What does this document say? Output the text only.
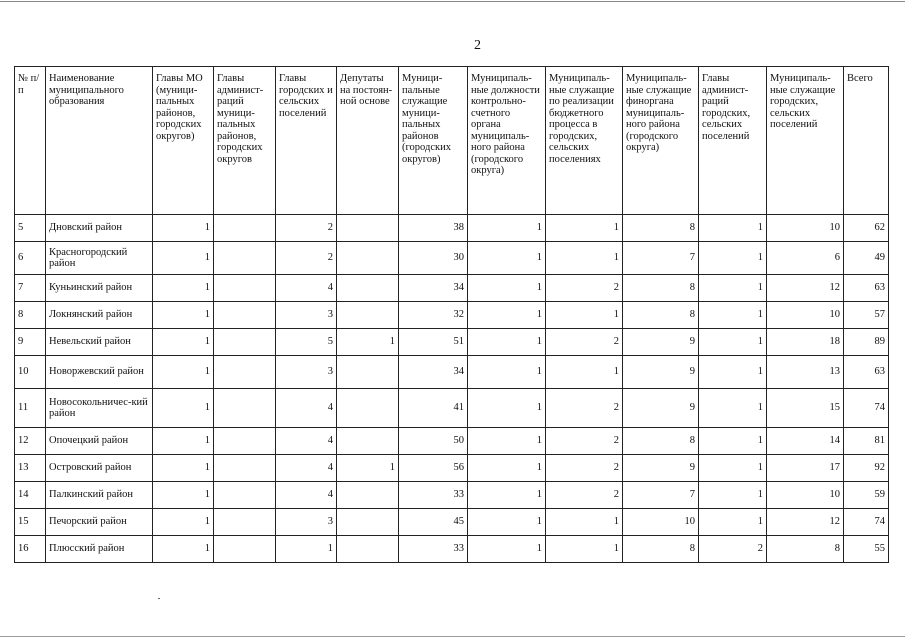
2
№ п/п	Наименование муниципального образования	Главы МО (муници-пальных районов, городских округов)	Главы админист-раций муници-пальных районов, городских округов	Главы городских и сельских поселений	Депутаты на постоян-ной основе	Муници-пальные служащие муници-пальных районов (городских округов)	Муниципаль-ные должности контрольно-счетного органа муниципаль-ного района (городского округа)	Муниципаль-ные служащие по реализации бюджетного процесса в городских, сельских поселениях	Муниципаль-ные служащие финоргана муниципаль-ного района (городского округа)	Главы админист-раций городских, сельских поселений	Муниципаль-ные служащие городских, сельских поселений	Всего
5	Дновский район	1		2		38	1	1	8	1	10	62
6	Красногородский район	1		2		30	1	1	7	1	6	49
7	Куньинский район	1		4		34	1	2	8	1	12	63
8	Локнянский район	1		3		32	1	1	8	1	10	57
9	Невельский район	1		5	1	51	1	2	9	1	18	89
10	Новоржевский район	1		3		34	1	1	9	1	13	63
11	Новосокольничес-кий район	1		4		41	1	2	9	1	15	74
12	Опочецкий район	1		4		50	1	2	8	1	14	81
13	Островский район	1		4	1	56	1	2	9	1	17	92
14	Палкинский район	1		4		33	1	2	7	1	10	59
15	Печорский район	1		3		45	1	1	10	1	12	74
16	Плюсский район	1		1		33	1	1	8	2	8	55
